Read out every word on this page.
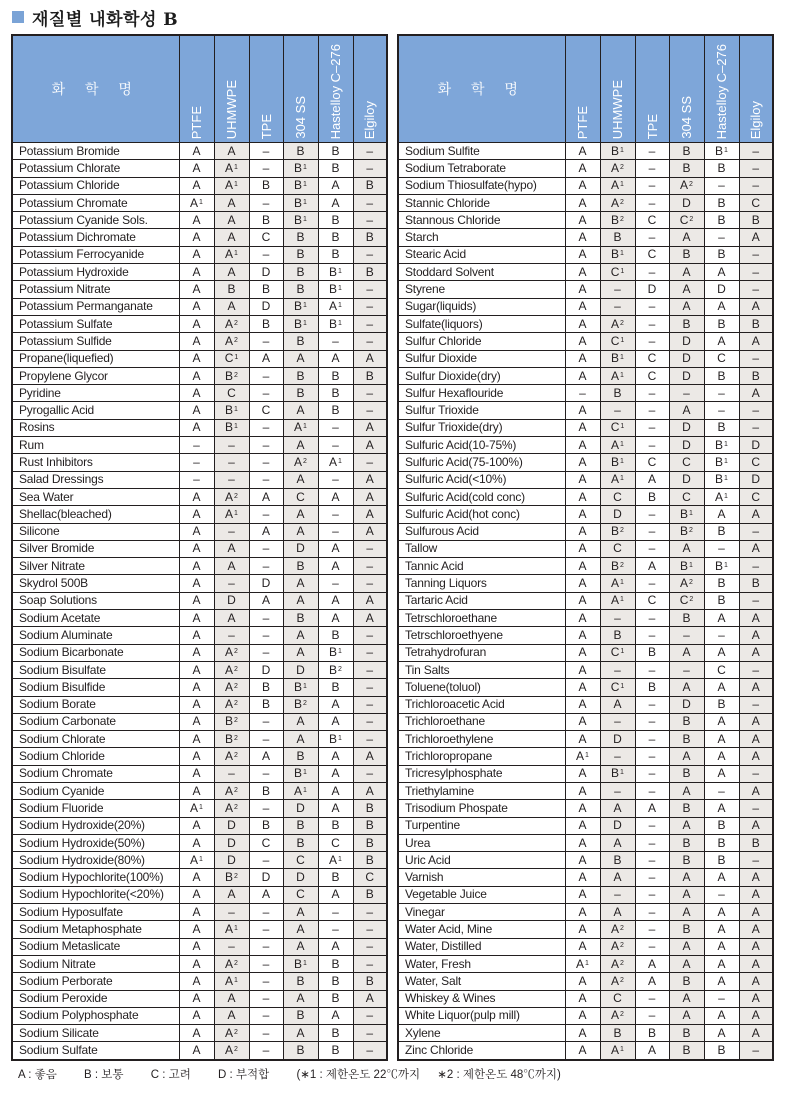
재질별 내화학성 B
화 학 명	PTFE	UHMWPE	TPE	304 SS	Hastelloy C–276	Elgiloy
Potassium Bromide	A	A	–	B	B	–
Potassium Chlorate	A	$A^1$	–	$B^1$	B	–
Potassium Chloride	A	$A^1$	B	$B^1$	A	B
Potassium Chromate	$A^1$	A	–	$B^1$	A	–
Potassium Cyanide Sols.	A	A	B	$B^1$	B	–
Potassium Dichromate	A	A	C	B	B	B
Potassium Ferrocyanide	A	$A^1$	–	B	B	–
Potassium Hydroxide	A	A	D	B	$B^1$	B
Potassium Nitrate	A	B	B	B	$B^1$	–
Potassium Permanganate	A	A	D	$B^1$	$A^1$	–
Potassium Sulfate	A	$A^2$	B	$B^1$	$B^1$	–
Potassium Sulfide	A	$A^2$	–	B	–	–
Propane(liquefied)	A	$C^1$	A	A	A	A
Propylene Glycor	A	$B^2$	–	B	B	B
Pyridine	A	C	–	B	B	–
Pyrogallic Acid	A	$B^1$	C	A	B	–
Rosins	A	$B^1$	–	$A^1$	–	A
Rum	–	–	–	A	–	A
Rust Inhibitors	–	–	–	$A^2$	$A^1$	–
Salad Dressings	–	–	–	A	–	A
Sea Water	A	$A^2$	A	C	A	A
Shellac(bleached)	A	$A^1$	–	A	–	A
Silicone	A	–	A	A	–	A
Silver Bromide	A	A	–	D	A	–
Silver Nitrate	A	A	–	B	A	–
Skydrol 500B	A	–	D	A	–	–
Soap Solutions	A	D	A	A	A	A
Sodium Acetate	A	A	–	B	A	A
Sodium Aluminate	A	–	–	A	B	–
Sodium Bicarbonate	A	$A^2$	–	A	$B^1$	–
Sodium Bisulfate	A	$A^2$	D	D	$B^2$	–
Sodium Bisulfide	A	$A^2$	B	$B^1$	B	–
Sodium Borate	A	$A^2$	B	$B^2$	A	–
Sodium Carbonate	A	$B^2$	–	A	A	–
Sodium Chlorate	A	$B^2$	–	A	$B^1$	–
Sodium Chloride	A	$A^2$	A	B	A	A
Sodium Chromate	A	–	–	$B^1$	A	–
Sodium Cyanide	A	$A^2$	B	$A^1$	A	A
Sodium Fluoride	$A^1$	$A^2$	–	D	A	B
Sodium Hydroxide(20%)	A	D	B	B	B	B
Sodium Hydroxide(50%)	A	D	C	B	C	B
Sodium Hydroxide(80%)	$A^1$	D	–	C	$A^1$	B
Sodium Hypochlorite(100%)	A	$B^2$	D	D	B	C
Sodium Hypochlorite(<20%)	A	A	A	C	A	B
Sodium Hyposulfate	A	–	–	A	–	–
Sodium Metaphosphate	A	$A^1$	–	A	–	–
Sodium Metaslicate	A	–	–	A	A	–
Sodium Nitrate	A	$A^2$	–	$B^1$	B	–
Sodium Perborate	A	$A^1$	–	B	B	B
Sodium Peroxide	A	A	–	A	B	A
Sodium Polyphosphate	A	A	–	B	A	–
Sodium Silicate	A	$A^2$	–	A	B	–
Sodium Sulfate	A	$A^2$	–	B	B	–
화 학 명	PTFE	UHMWPE	TPE	304 SS	Hastelloy C–276	Elgiloy
Sodium Sulfite	A	$B^1$	–	B	$B^1$	–
Sodium Tetraborate	A	$A^2$	–	B	B	–
Sodium Thiosulfate(hypo)	A	$A^1$	–	$A^2$	–	–
Stannic Chloride	A	$A^2$	–	D	B	C
Stannous Chloride	A	$B^2$	C	$C^2$	B	B
Starch	A	B	–	A	–	A
Stearic Acid	A	$B^1$	C	B	B	–
Stoddard Solvent	A	$C^1$	–	A	A	–
Styrene	A	–	D	A	D	–
Sugar(liquids)	A	–	–	A	A	A
Sulfate(liquors)	A	$A^2$	–	B	B	B
Sulfur Chloride	A	$C^1$	–	D	A	A
Sulfur Dioxide	A	$B^1$	C	D	C	–
Sulfur Dioxide(dry)	A	$A^1$	C	D	B	B
Sulfur Hexaflouride	–	B	–	–	–	A
Sulfur Trioxide	A	–	–	A	–	–
Sulfur Trioxide(dry)	A	$C^1$	–	D	B	–
Sulfuric Acid(10-75%)	A	$A^1$	–	D	$B^1$	D
Sulfuric Acid(75-100%)	A	$B^1$	C	C	$B^1$	C
Sulfuric Acid(<10%)	A	$A^1$	A	D	$B^1$	D
Sulfuric Acid(cold conc)	A	C	B	C	$A^1$	C
Sulfuric Acid(hot conc)	A	D	–	$B^1$	A	A
Sulfurous Acid	A	$B^2$	–	$B^2$	B	–
Tallow	A	C	–	A	–	A
Tannic Acid	A	$B^2$	A	$B^1$	$B^1$	–
Tanning Liquors	A	$A^1$	–	$A^2$	B	B
Tartaric Acid	A	$A^1$	C	$C^2$	B	–
Tetrschloroethane	A	–	–	B	A	A
Tetrschloroethyene	A	B	–	–	–	A
Tetrahydrofuran	A	$C^1$	B	A	A	A
Tin Salts	A	–	–	–	C	–
Toluene(toluol)	A	$C^1$	B	A	A	A
Trichloroacetic Acid	A	A	–	D	B	–
Trichloroethane	A	–	–	B	A	A
Trichloroethylene	A	D	–	B	A	A
Trichloropropane	$A^1$	–	–	A	A	A
Tricresylphosphate	A	$B^1$	–	B	A	–
Triethylamine	A	–	–	A	–	A
Trisodium Phospate	A	A	A	B	A	–
Turpentine	A	D	–	A	B	A
Urea	A	A	–	B	B	B
Uric Acid	A	B	–	B	B	–
Varnish	A	A	–	A	A	A
Vegetable Juice	A	–	–	A	–	A
Vinegar	A	A	–	A	A	A
Water Acid, Mine	A	$A^2$	–	B	A	A
Water, Distilled	A	$A^2$	–	A	A	A
Water, Fresh	$A^1$	$A^2$	A	A	A	A
Water, Salt	A	$A^2$	A	B	A	A
Whiskey & Wines	A	C	–	A	–	A
White Liquor(pulp mill)	A	$A^2$	–	A	A	A
Xylene	A	B	B	B	A	A
Zinc Chloride	A	$A^1$	A	B	B	–
A : 좋음 B : 보통 C : 고려 D : 부적합 (∗1 : 제한온도 22℃까지 ∗2 : 제한온도 48℃까지)
